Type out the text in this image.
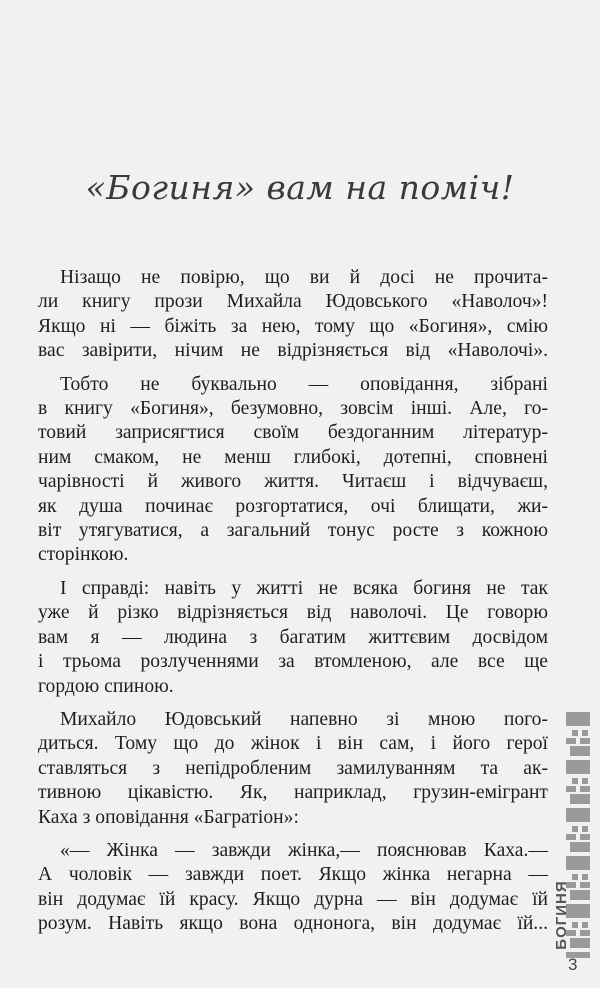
«Богиня» вам на поміч!
Нізащо не повірю, що ви й досі не прочита-
ли книгу прози Михайла Юдовського «Наволоч»!
Якщо ні — біжіть за нею, тому що «Богиня», смію
вас завірити, нічим не відрізняється від «Наволочі».
Тобто не буквально — оповідання, зібрані
в книгу «Богиня», безумовно, зовсім інші. Але, го-
товий заприсягтися своїм бездоганним літератур-
ним смаком, не менш глибокі, дотепні, сповнені
чарівності й живого життя. Читаєш і відчуваєш,
як душа починає розгортатися, очі блищати, жи-
віт утягуватися, а загальний тонус росте з кожною
сторінкою.
І справді: навіть у житті не всяка богиня не так
уже й різко відрізняється від наволочі. Це говорю
вам я — людина з багатим життєвим досвідом
і трьома розлученнями за втомленою, але все ще
гордою спиною.
Михайло Юдовський напевно зі мною пого-
диться. Тому що до жінок і він сам, і його герої
ставляться з непідробленим замилуванням та ак-
тивною цікавістю. Як, наприклад, грузин-емігрант
Каха з оповідання «Багратіон»:
«— Жінка — завжди жінка,— пояснював Каха.—
А чоловік — завжди поет. Якщо жінка негарна —
він додумає їй красу. Якщо дурна — він додумає їй
розум. Навіть якщо вона одноногa, він додумає їй... БОГИНЯ
3
